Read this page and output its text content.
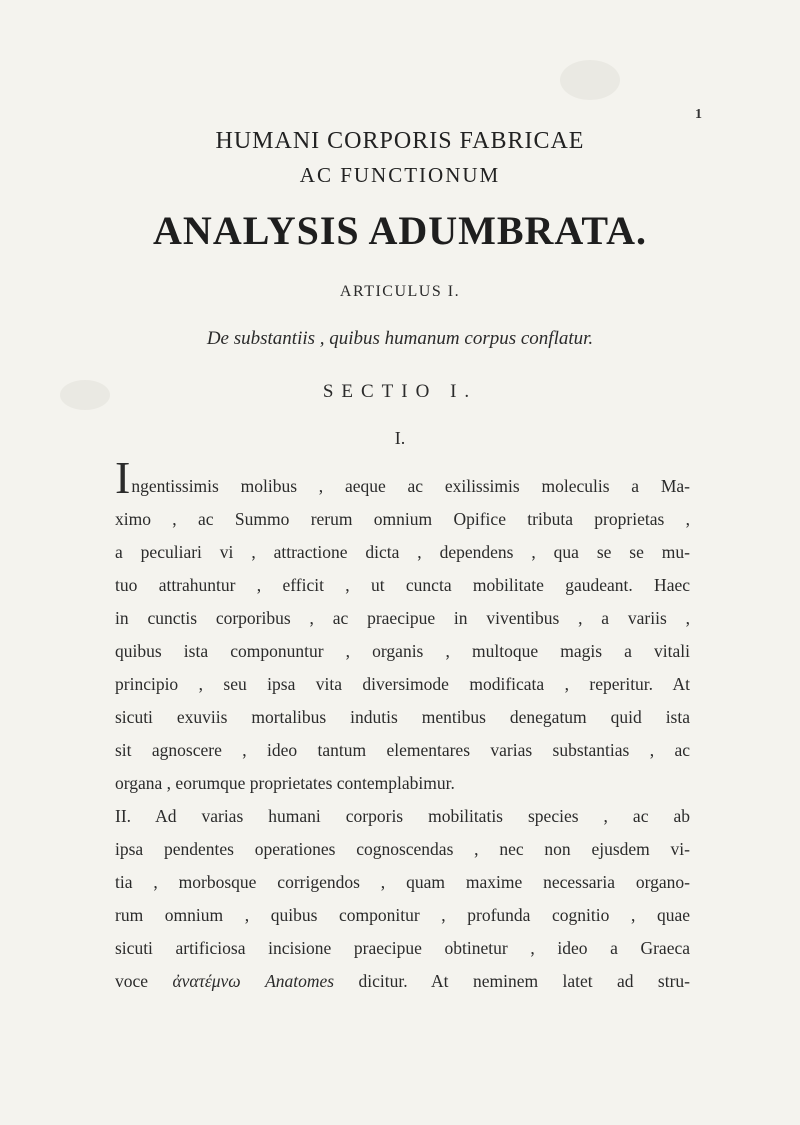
1
HUMANI CORPORIS FABRICAE
AC FUNCTIONUM
ANALYSIS ADUMBRATA.
ARTICULUS I.
De substantiis , quibus humanum corpus conflatur.
SECTIO I.
I.
Ingentissimis molibus , aeque ac exilissimis moleculis a Ma-
ximo , ac Summo rerum omnium Opifice tributa proprietas ,
a peculiari vi , attractione dicta , dependens , qua se se mu-
tuo attrahuntur , efficit , ut cuncta mobilitate gaudeant. Haec
in cunctis corporibus , ac praecipue in viventibus , a variis ,
quibus ista componuntur , organis , multoque magis a vitali
principio , seu ipsa vita diversimode modificata , reperitur. At
sicuti exuviis mortalibus indutis mentibus denegatum quid ista
sit agnoscere , ideo tantum elementares varias substantias , ac
organa , eorumque proprietates contemplabimur.
II. Ad varias humani corporis mobilitatis species , ac ab
ipsa pendentes operationes cognoscendas , nec non ejusdem vi-
tia , morbosque corrigendos , quam maxime necessaria organo-
rum omnium , quibus componitur , profunda cognitio , quae
sicuti artificiosa incisione praecipue obtinetur , ideo a Graeca
voce ἀνατέμνω Anatomes dicitur. At neminem latet ad stru-
